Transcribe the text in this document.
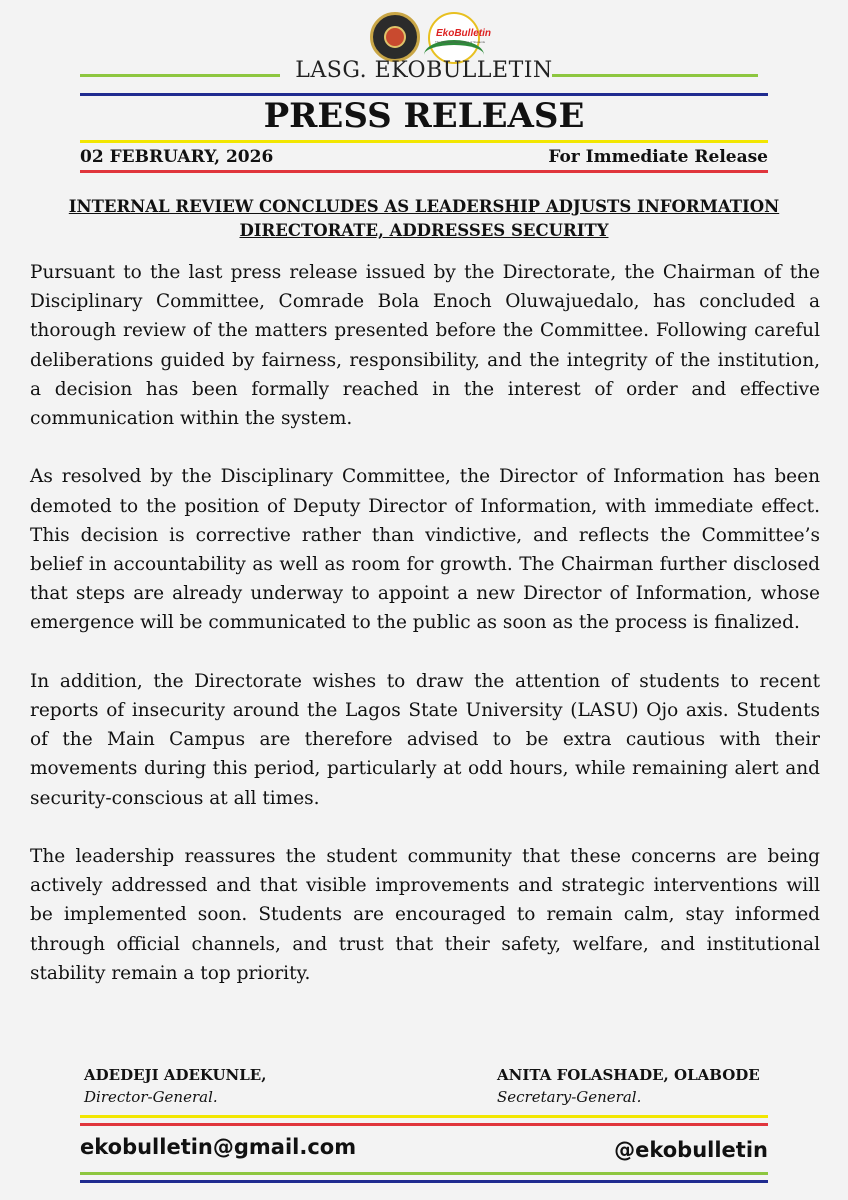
EkoBulletin
The Authentic Messenger of Students
LASG. EKOBULLETIN
PRESS RELEASE
02 FEBRUARY, 2026	For Immediate Release
INTERNAL REVIEW CONCLUDES AS LEADERSHIP ADJUSTS INFORMATION DIRECTORATE, ADDRESSES SECURITY

Pursuant to the last press release issued by the Directorate, the Chairman of the Disciplinary Committee, Comrade Bola Enoch Oluwajuedalo, has concluded a thorough review of the matters presented before the Committee. Following careful deliberations guided by fairness, responsibility, and the integrity of the institution, a decision has been formally reached in the interest of order and effective communication within the system.

As resolved by the Disciplinary Committee, the Director of Information has been demoted to the position of Deputy Director of Information, with immediate effect. This decision is corrective rather than vindictive, and reflects the Committee’s belief in accountability as well as room for growth. The Chairman further disclosed that steps are already underway to appoint a new Director of Information, whose emergence will be communicated to the public as soon as the process is finalized.

In addition, the Directorate wishes to draw the attention of students to recent reports of insecurity around the Lagos State University (LASU) Ojo axis. Students of the Main Campus are therefore advised to be extra cautious with their movements during this period, particularly at odd hours, while remaining alert and security-conscious at all times.

The leadership reassures the student community that these concerns are being actively addressed and that visible improvements and strategic interventions will be implemented soon. Students are encouraged to remain calm, stay informed through official channels, and trust that their safety, welfare, and institutional stability remain a top priority.

ADEDEJI ADEKUNLE,
Director-General.
ANITA FOLASHADE, OLABODE
Secretary-General.
ekobulletin@gmail.com	@ekobulletin
